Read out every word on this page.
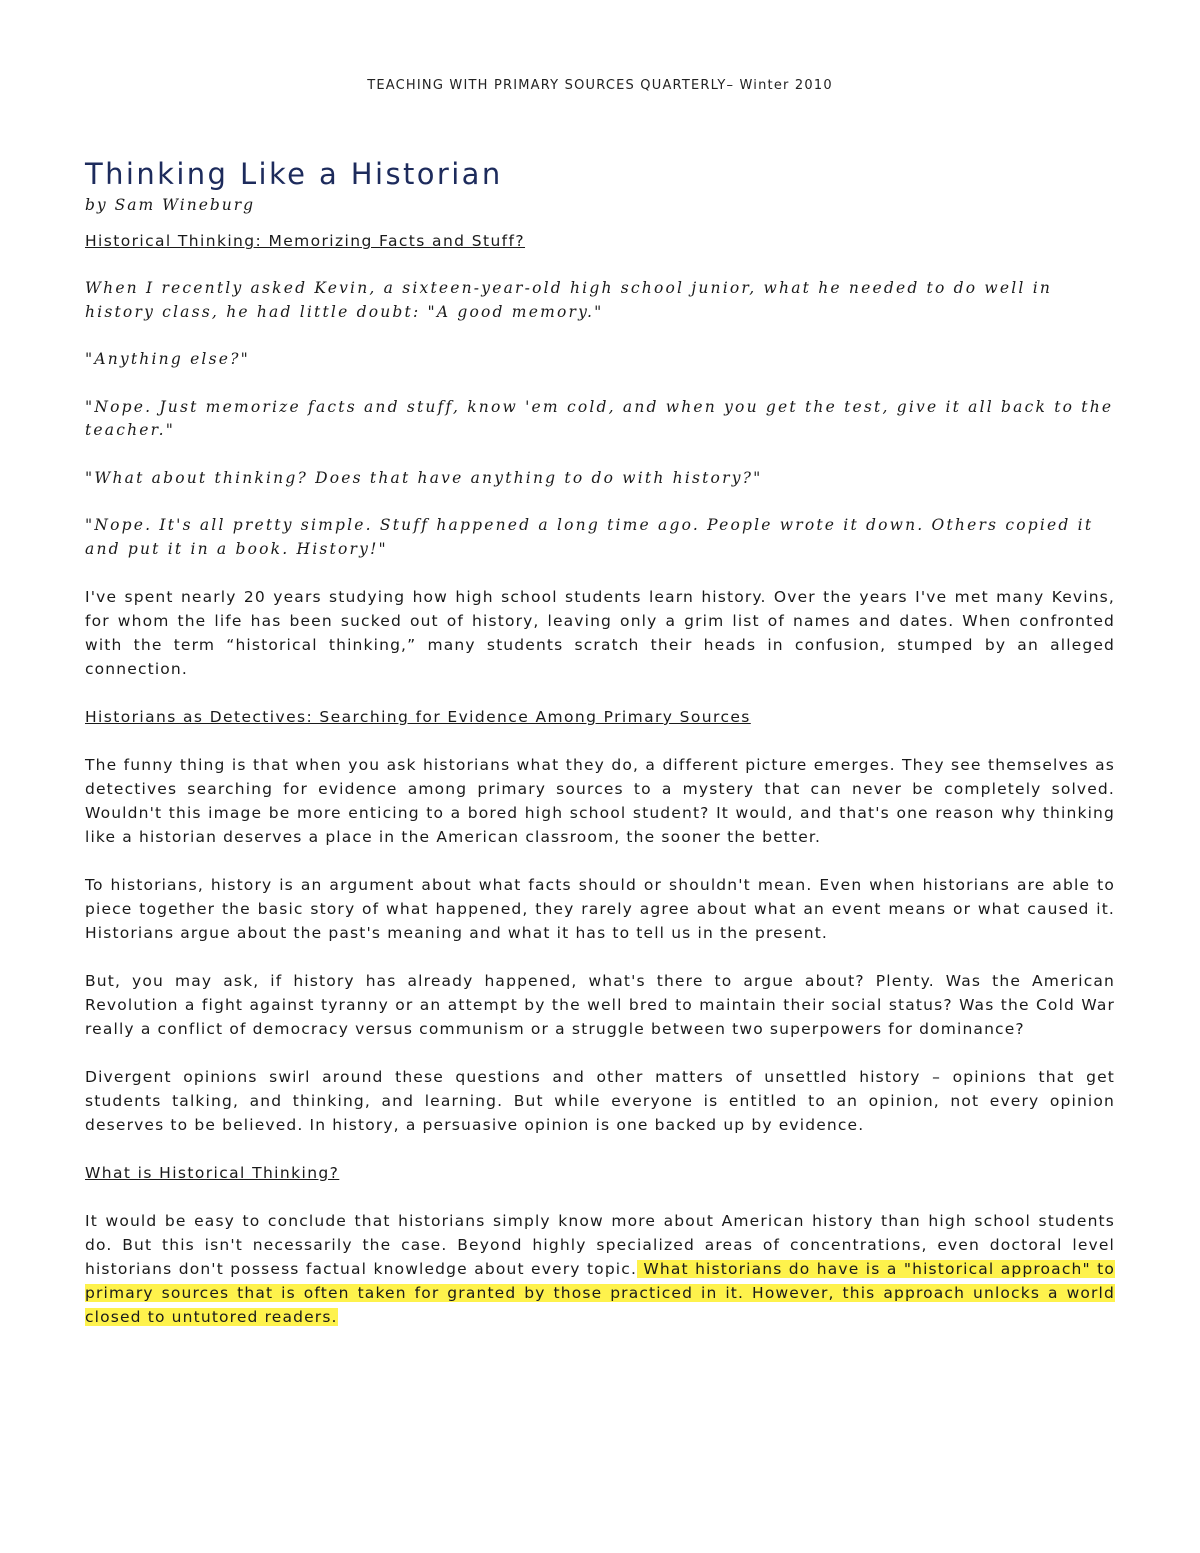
TEACHING WITH PRIMARY SOURCES QUARTERLY– Winter 2010
Thinking Like a Historian

by Sam Wineburg

Historical Thinking: Memorizing Facts and Stuff?

When I recently asked Kevin, a sixteen-year-old high school junior, what he needed to do well in history class, he had little doubt: "A good memory."

"Anything else?"

"Nope. Just memorize facts and stuff, know 'em cold, and when you get the test, give it all back to the teacher."

"What about thinking? Does that have anything to do with history?"

"Nope. It's all pretty simple. Stuff happened a long time ago. People wrote it down. Others copied it and put it in a book. History!"

I've spent nearly 20 years studying how high school students learn history. Over the years I've met many Kevins, for whom the life has been sucked out of history, leaving only a grim list of names and dates. When confronted with the term “historical thinking,” many students scratch their heads in confusion, stumped by an alleged connection.

Historians as Detectives: Searching for Evidence Among Primary Sources

The funny thing is that when you ask historians what they do, a different picture emerges. They see themselves as detectives searching for evidence among primary sources to a mystery that can never be completely solved. Wouldn't this image be more enticing to a bored high school student? It would, and that's one reason why thinking like a historian deserves a place in the American classroom, the sooner the better.

To historians, history is an argument about what facts should or shouldn't mean. Even when historians are able to piece together the basic story of what happened, they rarely agree about what an event means or what caused it. Historians argue about the past's meaning and what it has to tell us in the present.

But, you may ask, if history has already happened, what's there to argue about? Plenty. Was the American Revolution a fight against tyranny or an attempt by the well bred to maintain their social status? Was the Cold War really a conflict of democracy versus communism or a struggle between two superpowers for dominance?

Divergent opinions swirl around these questions and other matters of unsettled history – opinions that get students talking, and thinking, and learning. But while everyone is entitled to an opinion, not every opinion deserves to be believed. In history, a persuasive opinion is one backed up by evidence.

What is Historical Thinking?

It would be easy to conclude that historians simply know more about American history than high school students do. But this isn't necessarily the case. Beyond highly specialized areas of concentrations, even doctoral level historians don't possess factual knowledge about every topic. What historians do have is a "historical approach" to primary sources that is often taken for granted by those practiced in it. However, this approach unlocks a world closed to untutored readers.
